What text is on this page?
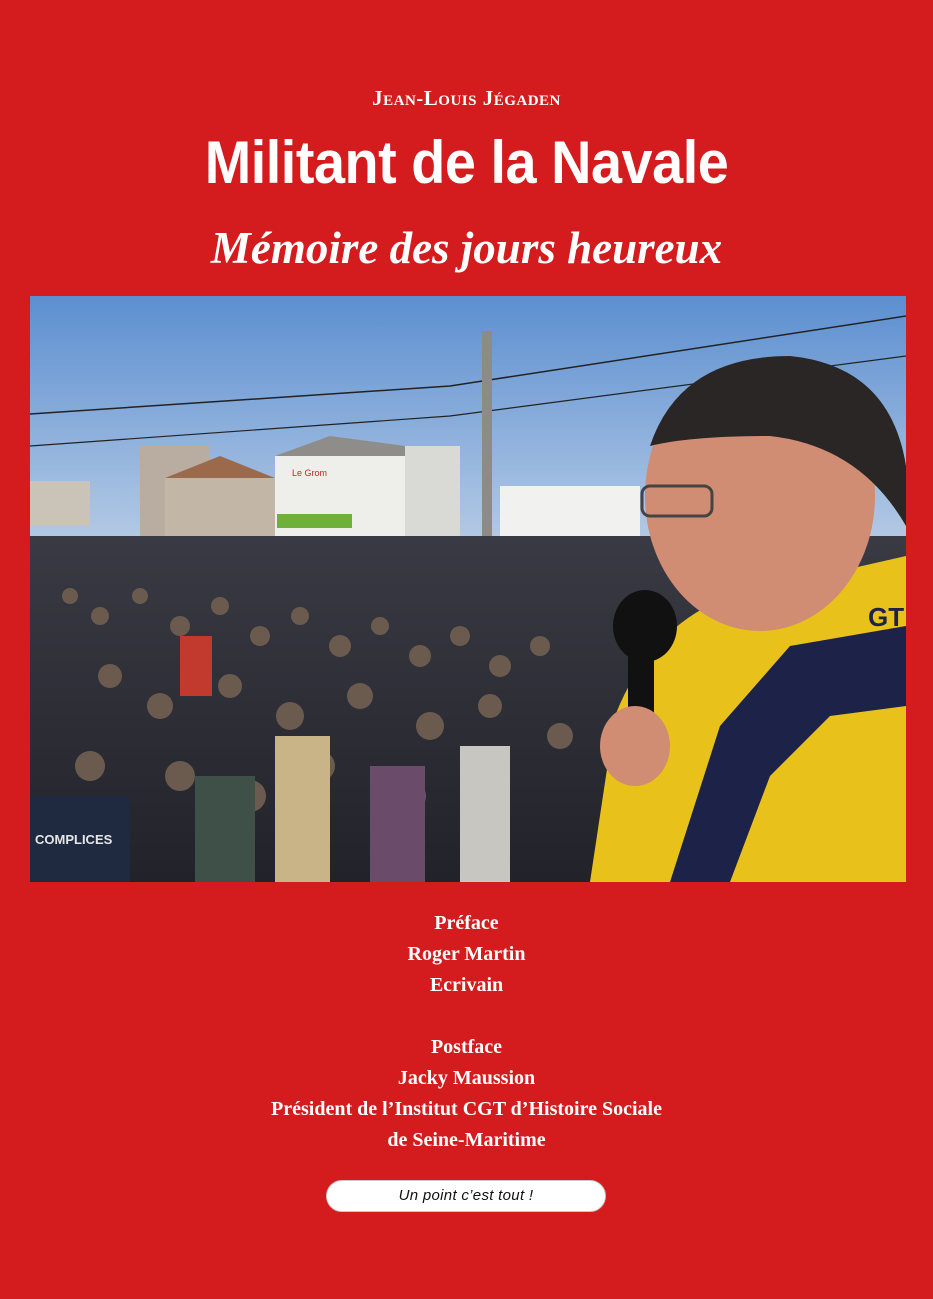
Jean-Louis Jégaden
Militant de la Navale
Mémoire des jours heureux
Le Grom
COMPLICES
GT
Préface
Roger Martin
Ecrivain
Postface
Jacky Maussion
Président de l’Institut CGT d’Histoire Sociale
de Seine-Maritime
Un point c’est tout !
